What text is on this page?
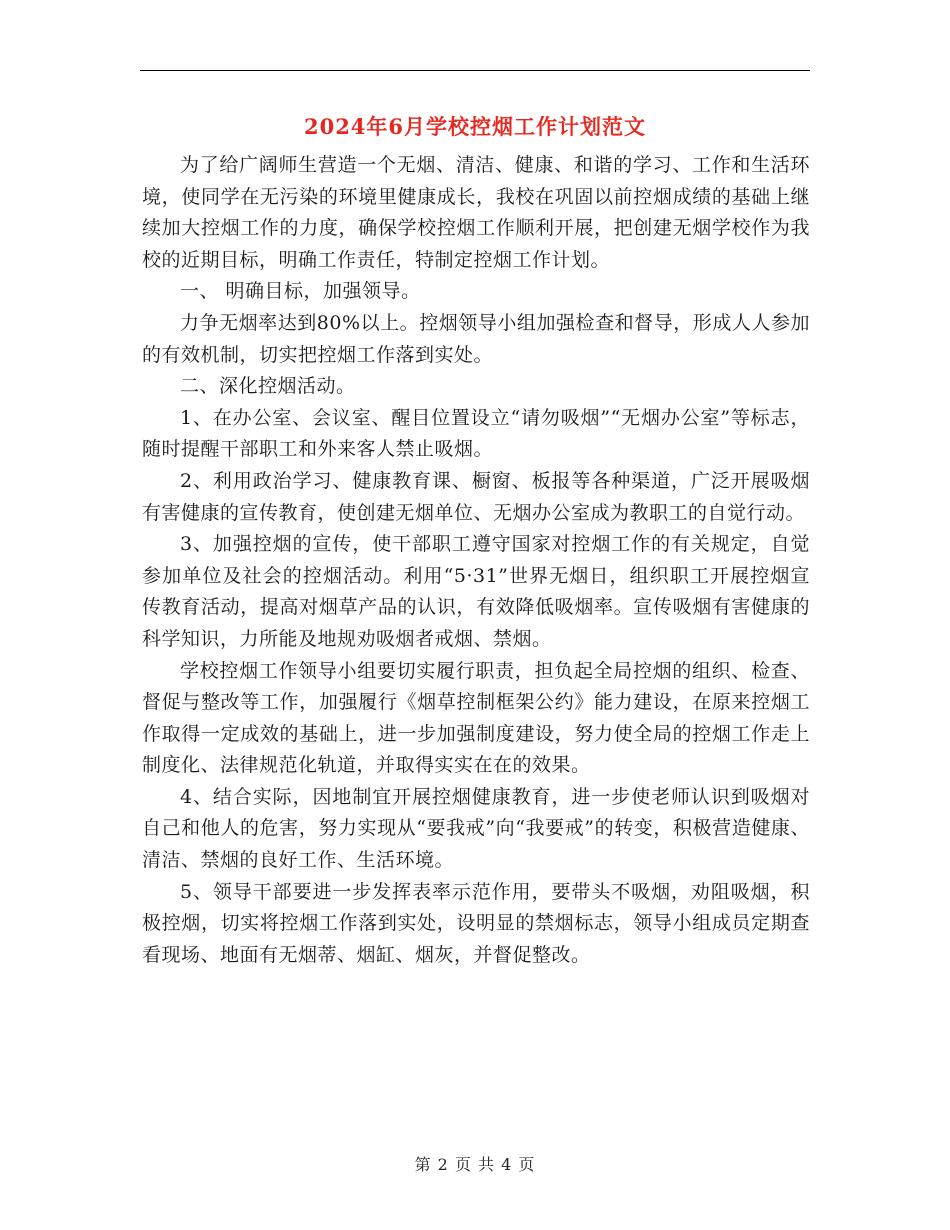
2024年6月学校控烟工作计划范文

为了给广阔师生营造一个无烟、清洁、健康、和谐的学习、工作和生活环境，使同学在无污染的环境里健康成长，我校在巩固以前控烟成绩的基础上继续加大控烟工作的力度，确保学校控烟工作顺利开展，把创建无烟学校作为我校的近期目标，明确工作责任，特制定控烟工作计划。

一、 明确目标，加强领导。

力争无烟率达到80%以上。控烟领导小组加强检查和督导，形成人人参加的有效机制，切实把控烟工作落到实处。

二、深化控烟活动。

1、在办公室、会议室、醒目位置设立“请勿吸烟”“无烟办公室”等标志，随时提醒干部职工和外来客人禁止吸烟。

2、利用政治学习、健康教育课、橱窗、板报等各种渠道，广泛开展吸烟有害健康的宣传教育，使创建无烟单位、无烟办公室成为教职工的自觉行动。

3、加强控烟的宣传，使干部职工遵守国家对控烟工作的有关规定，自觉参加单位及社会的控烟活动。利用“5·31”世界无烟日，组织职工开展控烟宣传教育活动，提高对烟草产品的认识，有效降低吸烟率。宣传吸烟有害健康的科学知识，力所能及地规劝吸烟者戒烟、禁烟。

学校控烟工作领导小组要切实履行职责，担负起全局控烟的组织、检查、督促与整改等工作，加强履行《烟草控制框架公约》能力建设，在原来控烟工作取得一定成效的基础上，进一步加强制度建设，努力使全局的控烟工作走上制度化、法律规范化轨道，并取得实实在在的效果。

4、结合实际，因地制宜开展控烟健康教育，进一步使老师认识到吸烟对自己和他人的危害，努力实现从“要我戒”向“我要戒”的转变，积极营造健康、清洁、禁烟的良好工作、生活环境。

5、领导干部要进一步发挥表率示范作用，要带头不吸烟，劝阻吸烟，积极控烟，切实将控烟工作落到实处，设明显的禁烟标志，领导小组成员定期查看现场、地面有无烟蒂、烟缸、烟灰，并督促整改。

第 2 页 共 4 页
